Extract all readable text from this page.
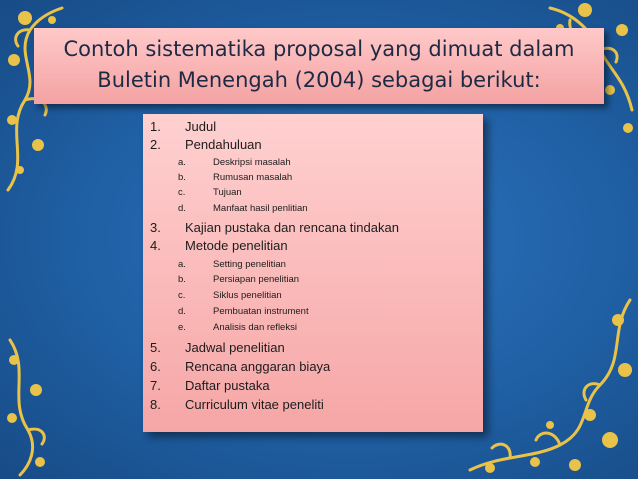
Contoh sistematika proposal yang dimuat dalam
Buletin Menengah (2004) sebagai berikut:
1. Judul
2. Pendahuluan
a.	Deskripsi masalah
b.	Rumusan masalah
c.	Tujuan
d.	Manfaat hasil penlitian
3. Kajian pustaka dan rencana tindakan
4. Metode penelitian
a.	Setting penelitian
b.	Persiapan penelitian
c.	Siklus penelitian
d.	Pembuatan instrument
e.	Analisis dan refleksi
5. Jadwal penelitian
6. Rencana anggaran biaya
7. Daftar pustaka
8. Curriculum vitae peneliti
